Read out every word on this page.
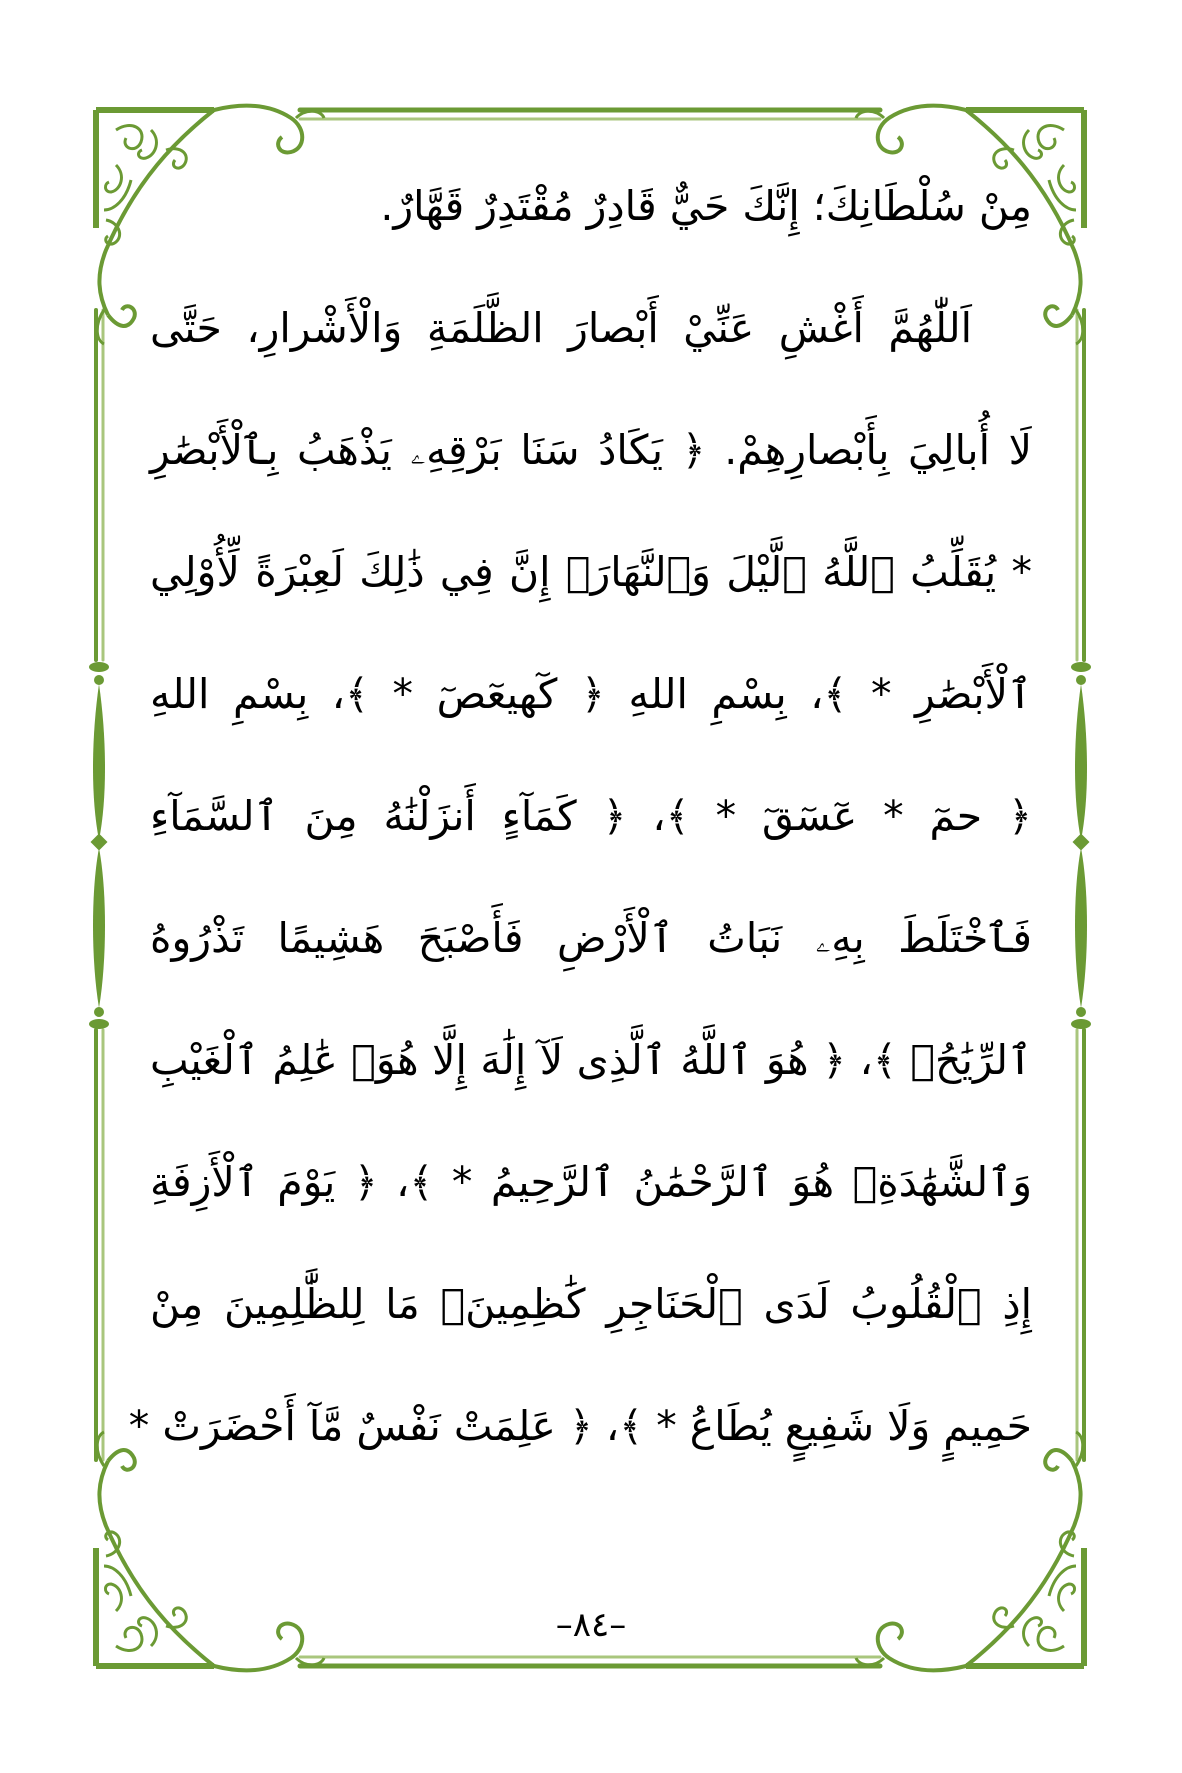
مِنْ سُلْطَانِكَ؛ إِنَّكَ حَيٌّ قَادِرٌ مُقْتَدِرٌ قَهَّارٌ.
اَللّٰهُمَّ أَغْشِ عَنِّيْ أَبْصارَ الظَّلَمَةِ وَالْأَشْرارِ، حَتَّى
لَا أُبالِيَ بِأَبْصارِهِمْ. ﴿ يَكَادُ سَنَا بَرْقِهِۦ يَذْهَبُ بِٱلْأَبْصَٰرِ
* يُقَلِّبُ ٱللَّهُ ٱلَّيْلَ وَٱلنَّهَارَۚ إِنَّ فِي ذَٰلِكَ لَعِبْرَةً لِّأُوْلِي
ٱلْأَبْصَٰرِ * ﴾، بِسْمِ اللهِ ﴿ كٓهيعٓصٓ * ﴾، بِسْمِ اللهِ
﴿ حمٓ * عٓسٓقٓ * ﴾، ﴿ كَمَآءٍ أَنزَلْنَٰهُ مِنَ ٱلسَّمَآءِ
فَٱخْتَلَطَ بِهِۦ نَبَاتُ ٱلْأَرْضِ فَأَصْبَحَ هَشِيمًا تَذْرُوهُ
ٱلرِّيَٰحُۗ ﴾، ﴿ هُوَ ٱللَّهُ ٱلَّذِى لَآ إِلَٰهَ إِلَّا هُوَۖ عَٰلِمُ ٱلْغَيْبِ
وَٱلشَّهَٰدَةِۖ هُوَ ٱلرَّحْمَٰنُ ٱلرَّحِيمُ * ﴾، ﴿ يَوْمَ ٱلْأَزِفَةِ
إِذِ ٱلْقُلُوبُ لَدَى ٱلْحَنَاجِرِ كَٰظِمِينَۚ مَا لِلظَّٰلِمِينَ مِنْ
حَمِيمٍ وَلَا شَفِيعٍ يُطَاعُ * ﴾، ﴿ عَلِمَتْ نَفْسٌ مَّآ أَحْضَرَتْ *
–٨٤–
